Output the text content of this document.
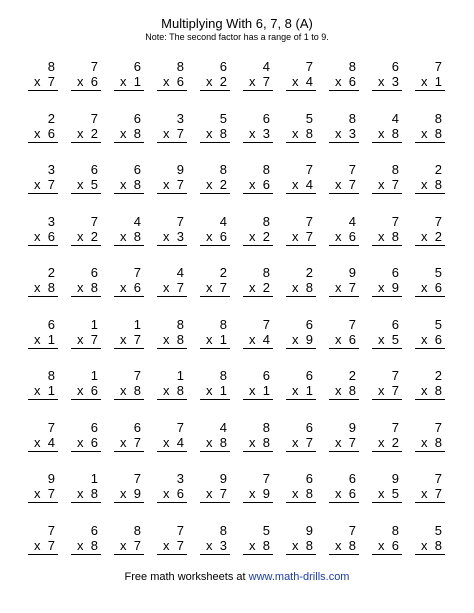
Multiplying With 6, 7, 8 (A)
Note: The second factor has a range of 1 to 9.
8
x 7
7
x 6
6
x 1
8
x 6
6
x 2
4
x 7
7
x 4
8
x 6
6
x 3
7
x 1
2
x 6
7
x 2
6
x 8
3
x 7
5
x 8
6
x 3
5
x 8
8
x 3
4
x 8
8
x 8
3
x 7
6
x 5
6
x 8
9
x 7
8
x 2
8
x 6
7
x 4
7
x 7
8
x 7
2
x 8
3
x 6
7
x 2
4
x 8
7
x 3
4
x 6
8
x 2
7
x 7
4
x 6
7
x 8
7
x 2
2
x 8
6
x 8
7
x 6
4
x 7
2
x 7
8
x 2
2
x 8
9
x 7
6
x 9
5
x 6
6
x 1
1
x 7
1
x 7
8
x 8
8
x 1
7
x 4
6
x 9
7
x 6
6
x 5
5
x 6
8
x 1
1
x 6
7
x 8
1
x 8
8
x 1
6
x 1
6
x 1
2
x 8
7
x 7
2
x 8
7
x 4
6
x 6
6
x 7
7
x 4
4
x 8
8
x 8
6
x 7
9
x 7
7
x 2
7
x 8
9
x 7
1
x 8
7
x 9
3
x 6
9
x 7
7
x 9
6
x 8
6
x 6
9
x 5
7
x 7
7
x 7
6
x 8
8
x 7
7
x 7
8
x 3
5
x 8
9
x 8
7
x 8
8
x 6
5
x 8
Free math worksheets at www.math-drills.com
